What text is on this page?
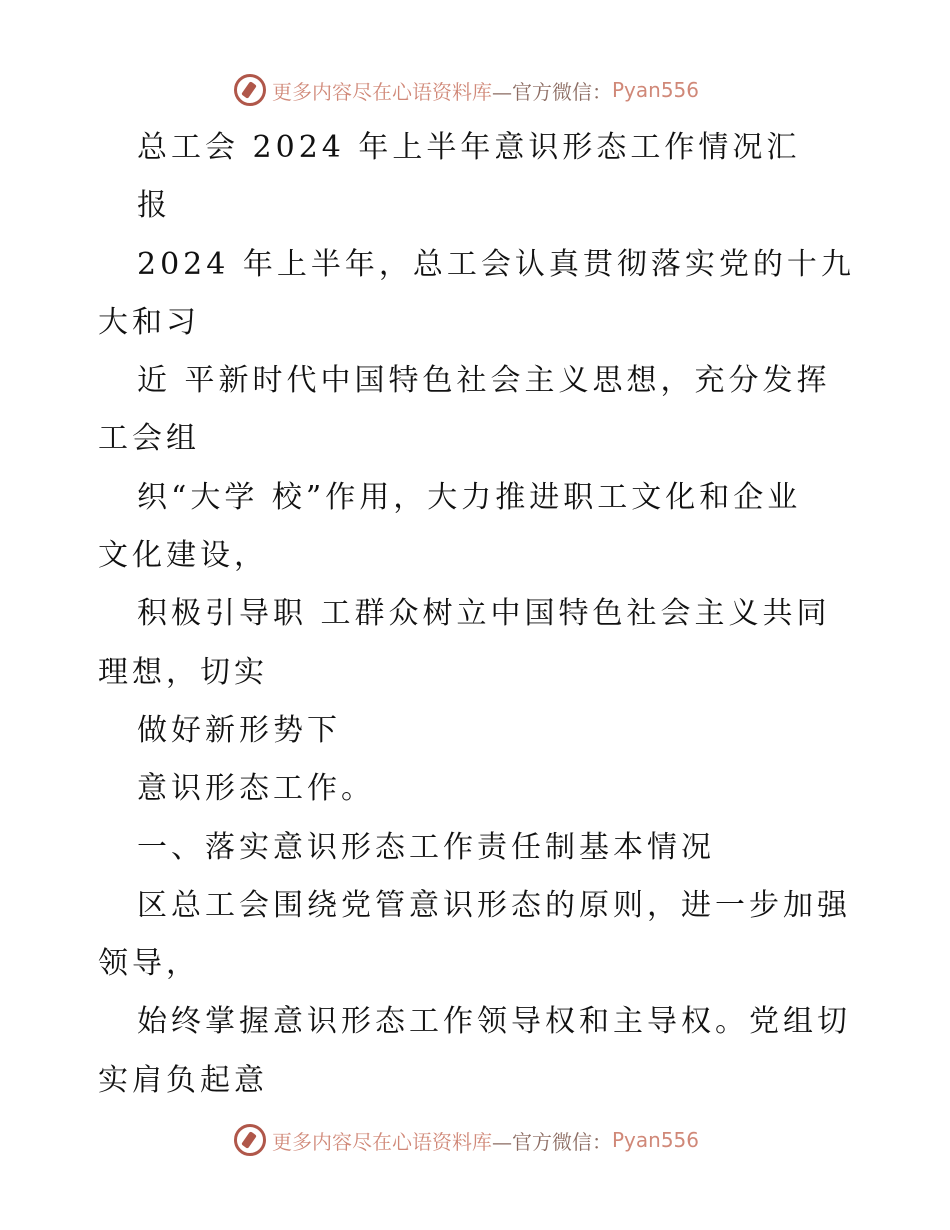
更多内容尽在心语资料库 —官方微信： Pyan556
总工会 2024 年上半年意识形态工作情况汇
报
2024 年上半年，总工会认真贯彻落实党的十九
大和习
近 平新时代中国特色社会主义思想，充分发挥
工会组
织“大学 校”作用，大力推进职工文化和企业
文化建设，
积极引导职 工群众树立中国特色社会主义共同
理想，切实
做好新形势下
意识形态工作。
一、落实意识形态工作责任制基本情况
区总工会围绕党管意识形态的原则，进一步加强
领导，
始终掌握意识形态工作领导权和主导权。党组切
实肩负起意
更多内容尽在心语资料库 —官方微信： Pyan556
